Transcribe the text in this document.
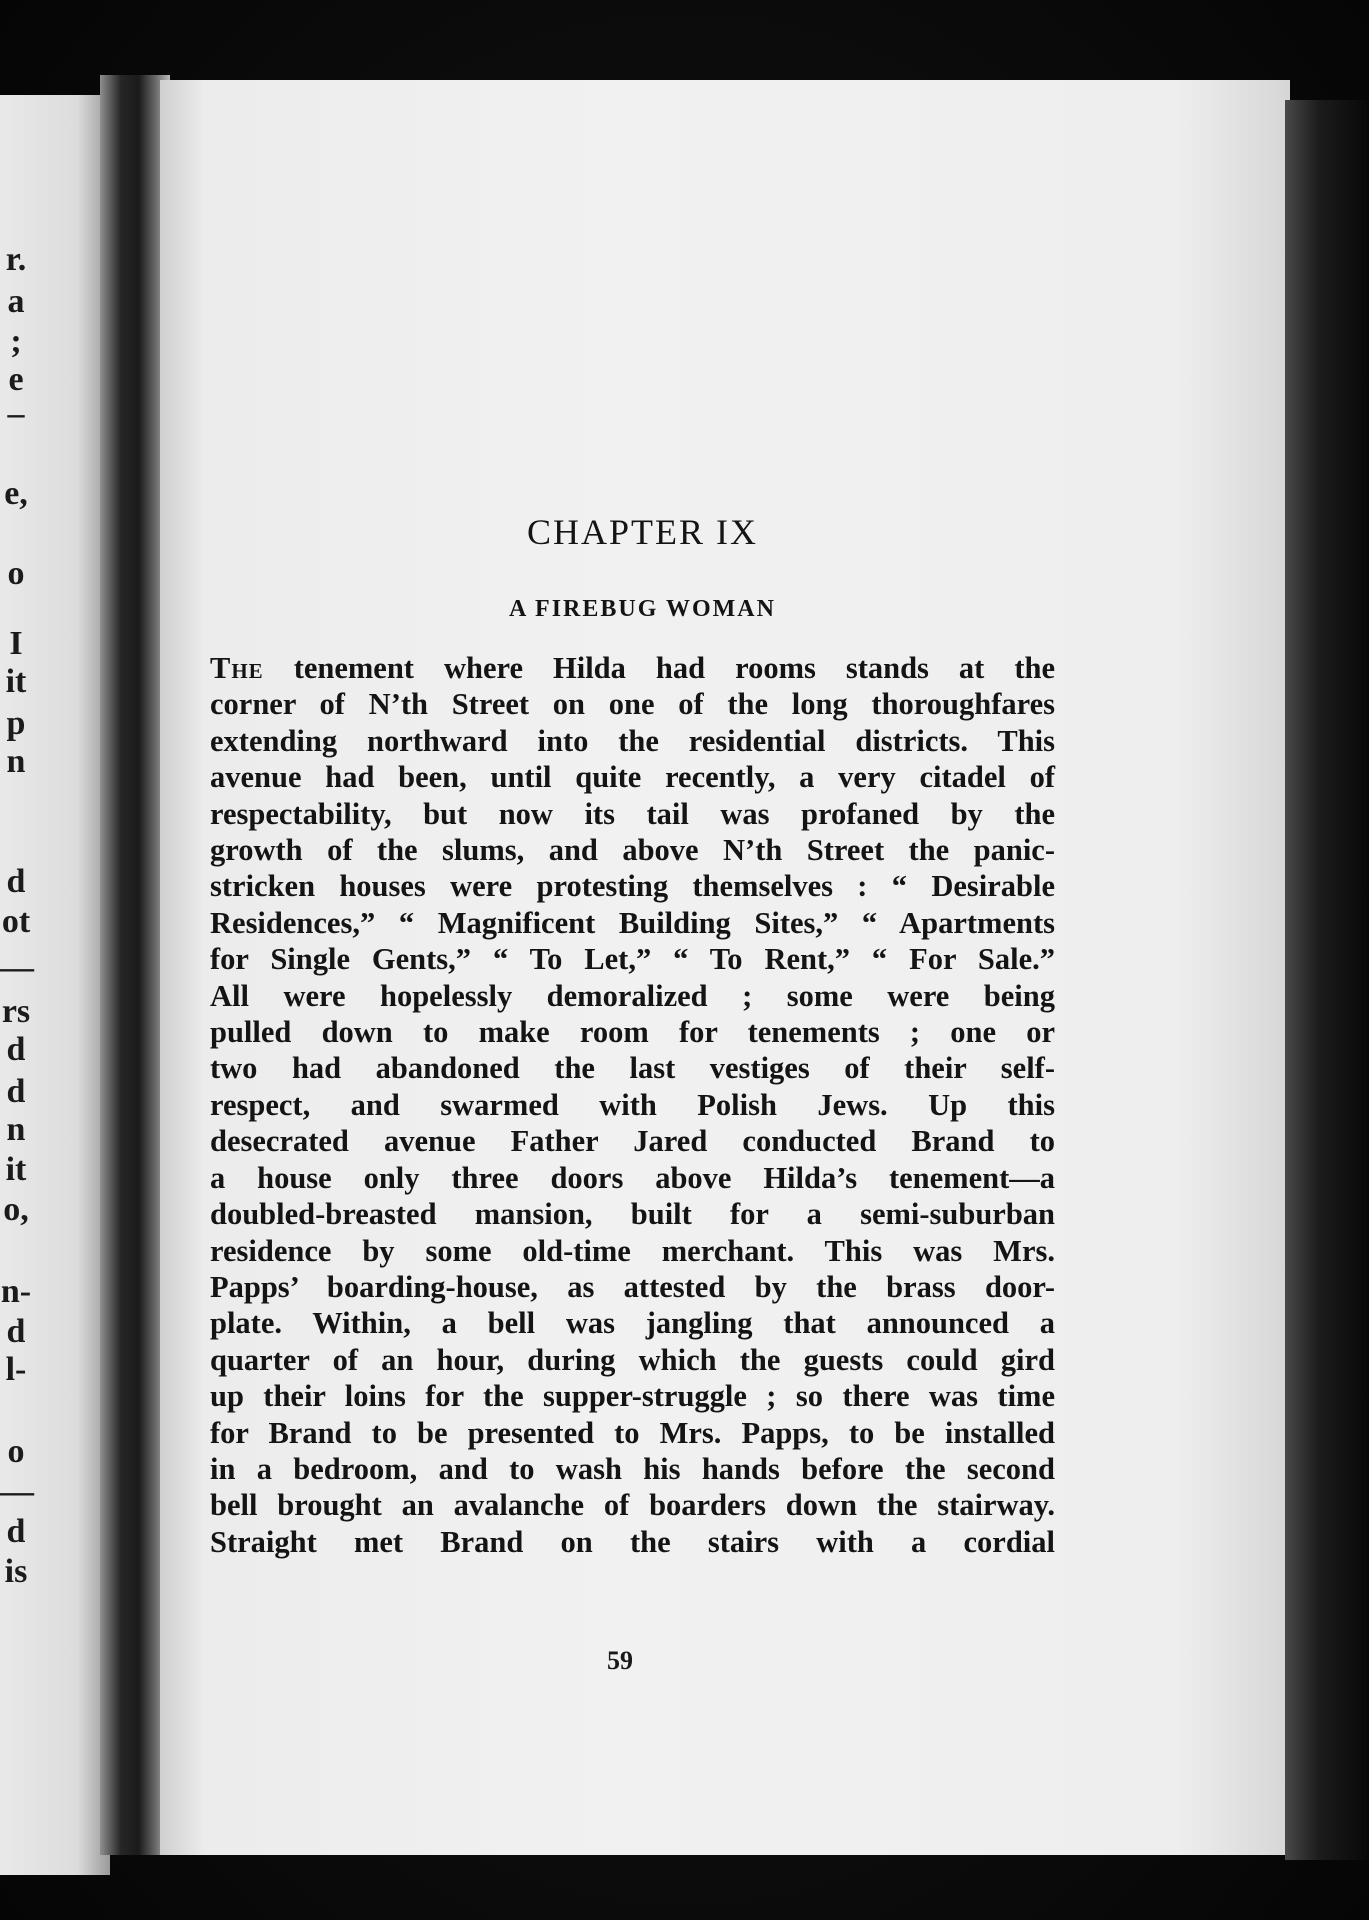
r.
a
;
e
–
e,
o
I
it
p
n
d
ot
—
rs
d
d
n
it
o,
n-
d
l-
o
—
d
is
CHAPTER IX
A FIREBUG WOMAN
The tenement where Hilda had rooms stands at the
corner of N’th Street on one of the long thoroughfares
extending northward into the residential districts. This
avenue had been, until quite recently, a very citadel of
respectability, but now its tail was profaned by the
growth of the slums, and above N’th Street the panic-
stricken houses were protesting themselves : “ Desirable
Residences,” “ Magnificent Building Sites,” “ Apartments
for Single Gents,” “ To Let,” “ To Rent,” “ For Sale.”
All were hopelessly demoralized ; some were being
pulled down to make room for tenements ; one or
two had abandoned the last vestiges of their self-
respect, and swarmed with Polish Jews. Up this
desecrated avenue Father Jared conducted Brand to
a house only three doors above Hilda’s tenement—a
doubled-breasted mansion, built for a semi-suburban
residence by some old-time merchant. This was Mrs.
Papps’ boarding-house, as attested by the brass door-
plate. Within, a bell was jangling that announced a
quarter of an hour, during which the guests could gird
up their loins for the supper-struggle ; so there was time
for Brand to be presented to Mrs. Papps, to be installed
in a bedroom, and to wash his hands before the second
bell brought an avalanche of boarders down the stairway.
Straight met Brand on the stairs with a cordial
59
